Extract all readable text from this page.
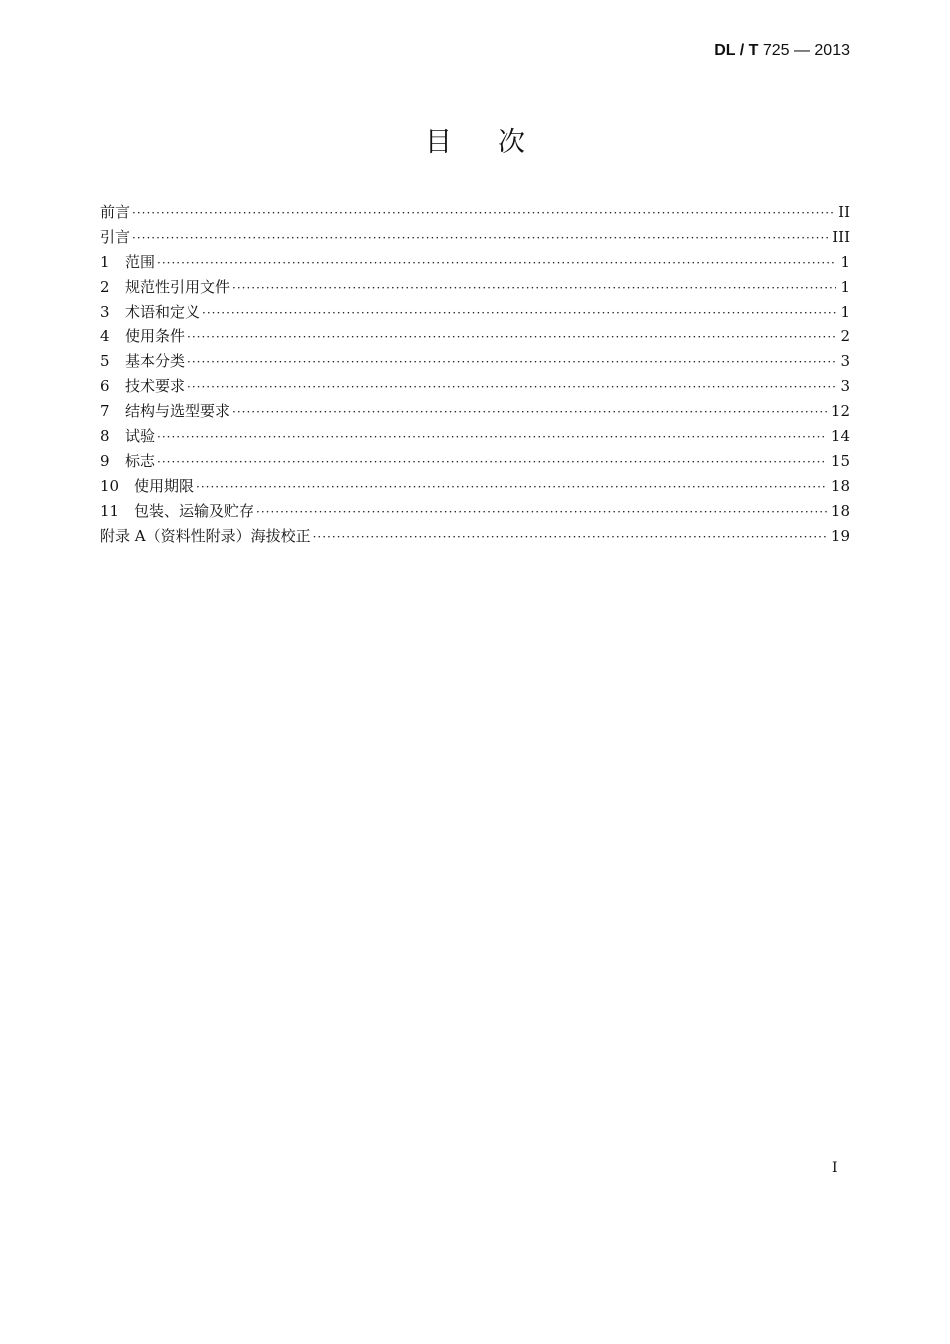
DL / T 725 — 2013
目 次
前言 ·····	II
引言 ·····	III
1 范围 ·····	1
2 规范性引用文件 ·····	1
3 术语和定义 ·····	1
4 使用条件 ·····	2
5 基本分类 ·····	3
6 技术要求 ·····	3
7 结构与选型要求 ·····	12
8 试验 ·····	14
9 标志 ·····	15
10 使用期限 ·····	18
11 包装、运输及贮存 ·····	18
附录 A（资料性附录）海拔校正 ·····	19
I
